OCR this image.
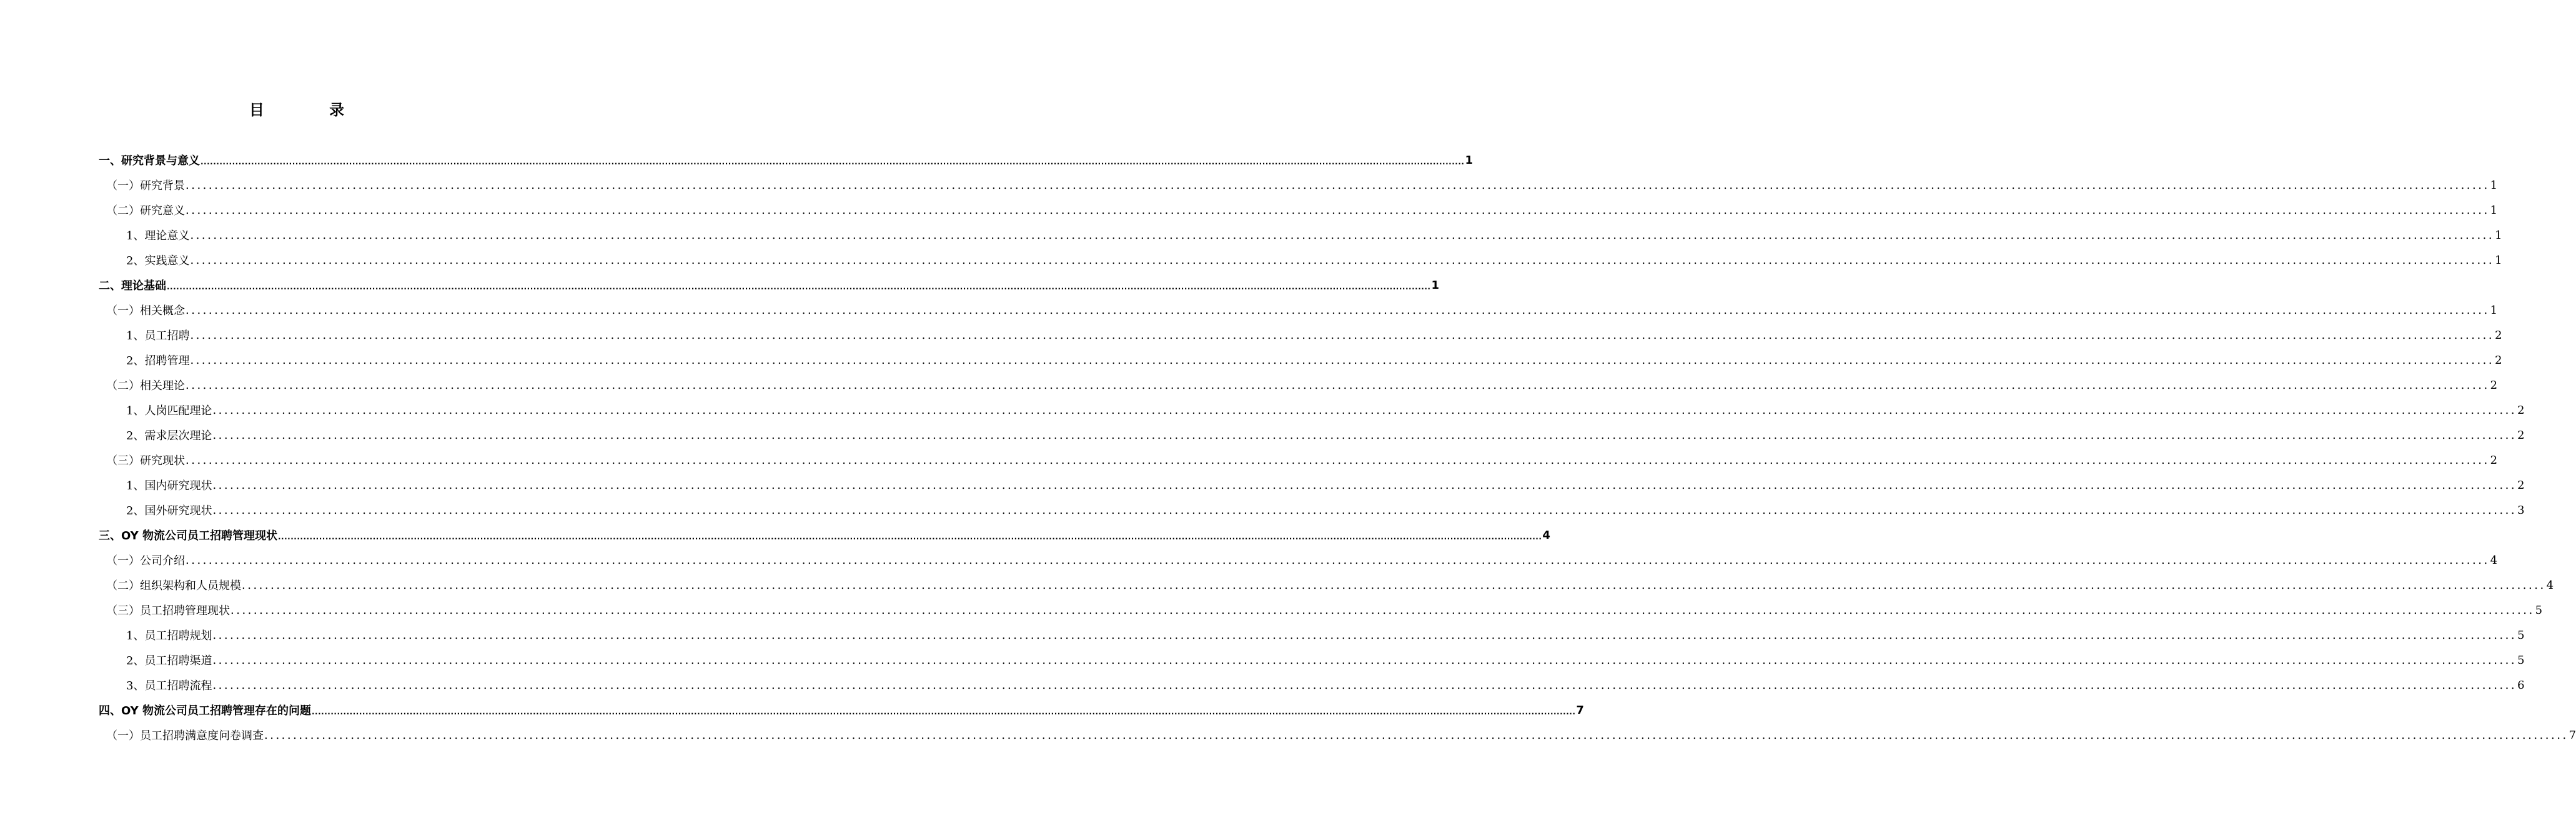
目 录
一、研究背景与意义 ................................................................................................................................................................................................................................................................................................................................................................................................................ 1
（一）研究背景 ................................................................................................................................................................................................................................................................................................................................................................................................................ 1
（二）研究意义 ................................................................................................................................................................................................................................................................................................................................................................................................................ 1
1、理论意义 ................................................................................................................................................................................................................................................................................................................................................................................................................ 1
2、实践意义 ................................................................................................................................................................................................................................................................................................................................................................................................................ 1
二、理论基础 ................................................................................................................................................................................................................................................................................................................................................................................................................ 1
（一）相关概念 ................................................................................................................................................................................................................................................................................................................................................................................................................ 1
1、员工招聘 ................................................................................................................................................................................................................................................................................................................................................................................................................ 2
2、招聘管理 ................................................................................................................................................................................................................................................................................................................................................................................................................ 2
（二）相关理论 ................................................................................................................................................................................................................................................................................................................................................................................................................ 2
1、人岗匹配理论 ................................................................................................................................................................................................................................................................................................................................................................................................................ 2
2、需求层次理论 ................................................................................................................................................................................................................................................................................................................................................................................................................ 2
（三）研究现状 ................................................................................................................................................................................................................................................................................................................................................................................................................ 2
1、国内研究现状 ................................................................................................................................................................................................................................................................................................................................................................................................................ 2
2、国外研究现状 ................................................................................................................................................................................................................................................................................................................................................................................................................ 3
三、OY 物流公司员工招聘管理现状 ................................................................................................................................................................................................................................................................................................................................................................................................................ 4
（一）公司介绍 ................................................................................................................................................................................................................................................................................................................................................................................................................ 4
（二）组织架构和人员规模 ................................................................................................................................................................................................................................................................................................................................................................................................................ 4
（三）员工招聘管理现状 ................................................................................................................................................................................................................................................................................................................................................................................................................ 5
1、员工招聘规划 ................................................................................................................................................................................................................................................................................................................................................................................................................ 5
2、员工招聘渠道 ................................................................................................................................................................................................................................................................................................................................................................................................................ 5
3、员工招聘流程 ................................................................................................................................................................................................................................................................................................................................................................................................................ 6
四、OY 物流公司员工招聘管理存在的问题 ................................................................................................................................................................................................................................................................................................................................................................................................................ 7
（一）员工招聘满意度问卷调查 ................................................................................................................................................................................................................................................................................................................................................................................................................ 7
